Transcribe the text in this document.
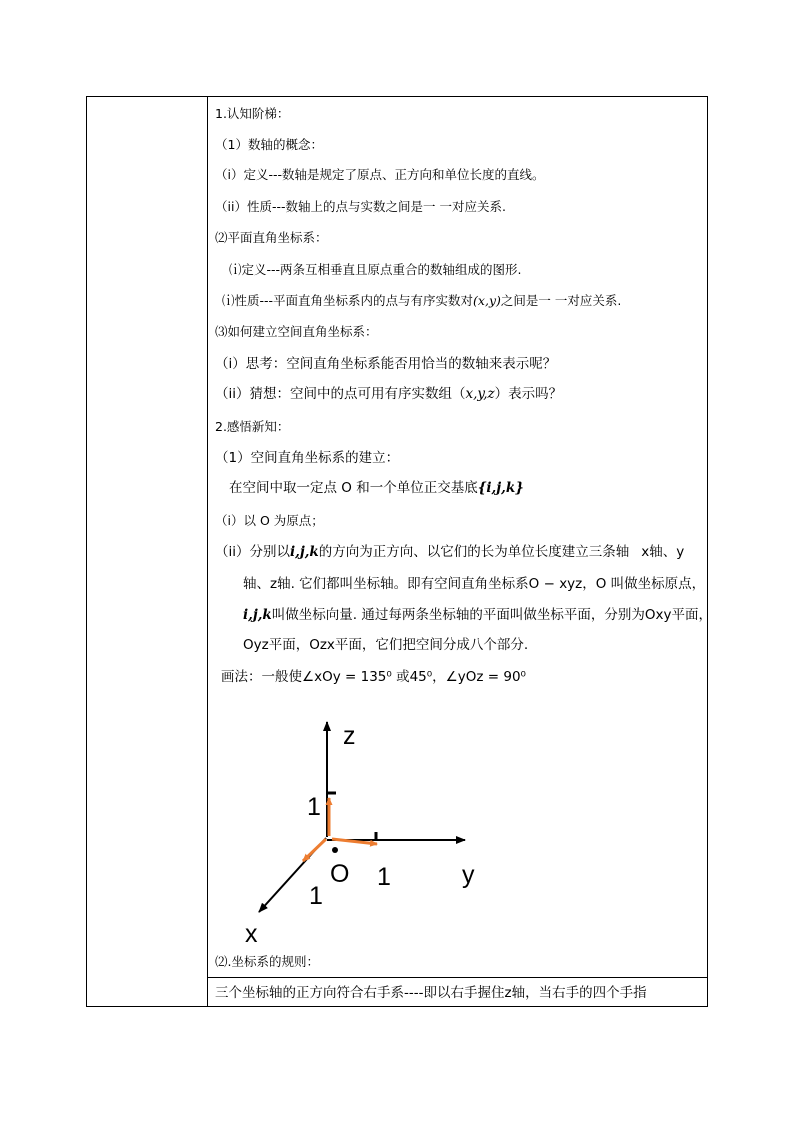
1.认知阶梯：
（1）数轴的概念：
（i）定义---数轴是规定了原点、正方向和单位长度的直线。
（ii）性质---数轴上的点与实数之间是一 一对应关系.
⑵平面直角坐标系：
⒤定义---两条互相垂直且原点重合的数轴组成的图形.
⒤性质---平面直角坐标系内的点与有序实数对(x,y)之间是一 一对应关系.
⑶如何建立空间直角坐标系：
（i）思考：空间直角坐标系能否用恰当的数轴来表示呢？
（ii）猜想：空间中的点可用有序实数组（x,y,z）表示吗？
2.感悟新知：
（1）空间直角坐标系的建立：
在空间中取一定点 O 和一个单位正交基底{i,j,k}
（i）以 O 为原点；
（ii）分别以i,j,k的方向为正方向、以它们的长为单位长度建立三条轴 x轴、y
轴、z轴. 它们都叫坐标轴。即有空间直角坐标系O − xyz，O 叫做坐标原点，
i,j,k叫做坐标向量. 通过每两条坐标轴的平面叫做坐标平面，分别为Oxy平面，
Oyz平面，Ozx平面，它们把空间分成八个部分.
画法：一般使∠xOy = 135⁰ 或45⁰，∠yOz = 90⁰
z
y
x
O
1
1
1
⑵.坐标系的规则：
三个坐标轴的正方向符合右手系----即以右手握住z轴，当右手的四个手指
